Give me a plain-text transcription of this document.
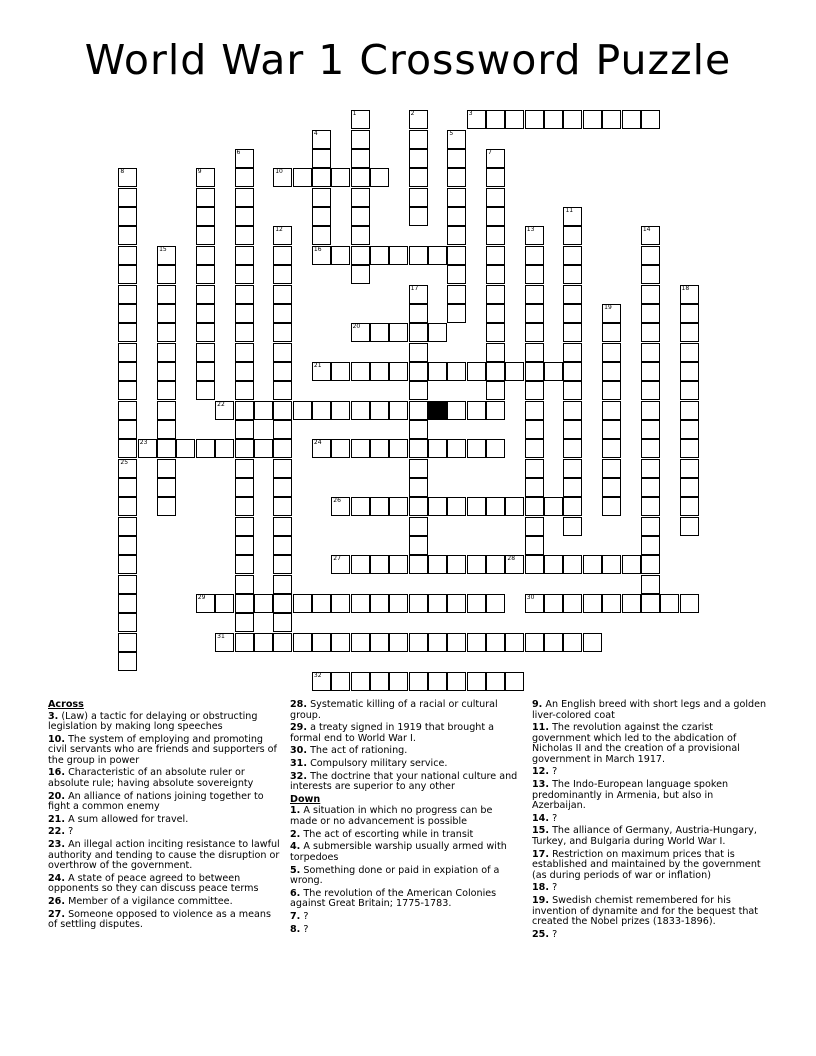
World War 1 Crossword Puzzle
1	2	3
4	5
6	7
8	9	10
11
12	13	14
15	16
17	18
19
20
21
22
23	24
25
26
27	28
29	30
31
32
Across
3. (Law) a tactic for delaying or obstructing legislation by making long speeches
10. The system of employing and promoting civil servants who are friends and supporters of the group in power
16. Characteristic of an absolute ruler or absolute rule; having absolute sovereignty
20. An alliance of nations joining together to fight a common enemy
21. A sum allowed for travel.
22. ?
23. An illegal action inciting resistance to lawful authority and tending to cause the disruption or overthrow of the government.
24. A state of peace agreed to between opponents so they can discuss peace terms
26. Member of a vigilance committee.
27. Someone opposed to violence as a means of settling disputes.
28. Systematic killing of a racial or cultural group.
29. a treaty signed in 1919 that brought a formal end to World War I.
30. The act of rationing.
31. Compulsory military service.
32. The doctrine that your national culture and interests are superior to any other
Down
1. A situation in which no progress can be made or no advancement is possible
2. The act of escorting while in transit
4. A submersible warship usually armed with torpedoes
5. Something done or paid in expiation of a wrong.
6. The revolution of the American Colonies against Great Britain; 1775-1783.
7. ?
8. ?
9. An English breed with short legs and a golden liver-colored coat
11. The revolution against the czarist government which led to the abdication of Nicholas II and the creation of a provisional government in March 1917.
12. ?
13. The Indo-European language spoken predominantly in Armenia, but also in Azerbaijan.
14. ?
15. The alliance of Germany, Austria-Hungary, Turkey, and Bulgaria during World War I.
17. Restriction on maximum prices that is established and maintained by the government (as during periods of war or inflation)
18. ?
19. Swedish chemist remembered for his invention of dynamite and for the bequest that created the Nobel prizes (1833-1896).
25. ?
